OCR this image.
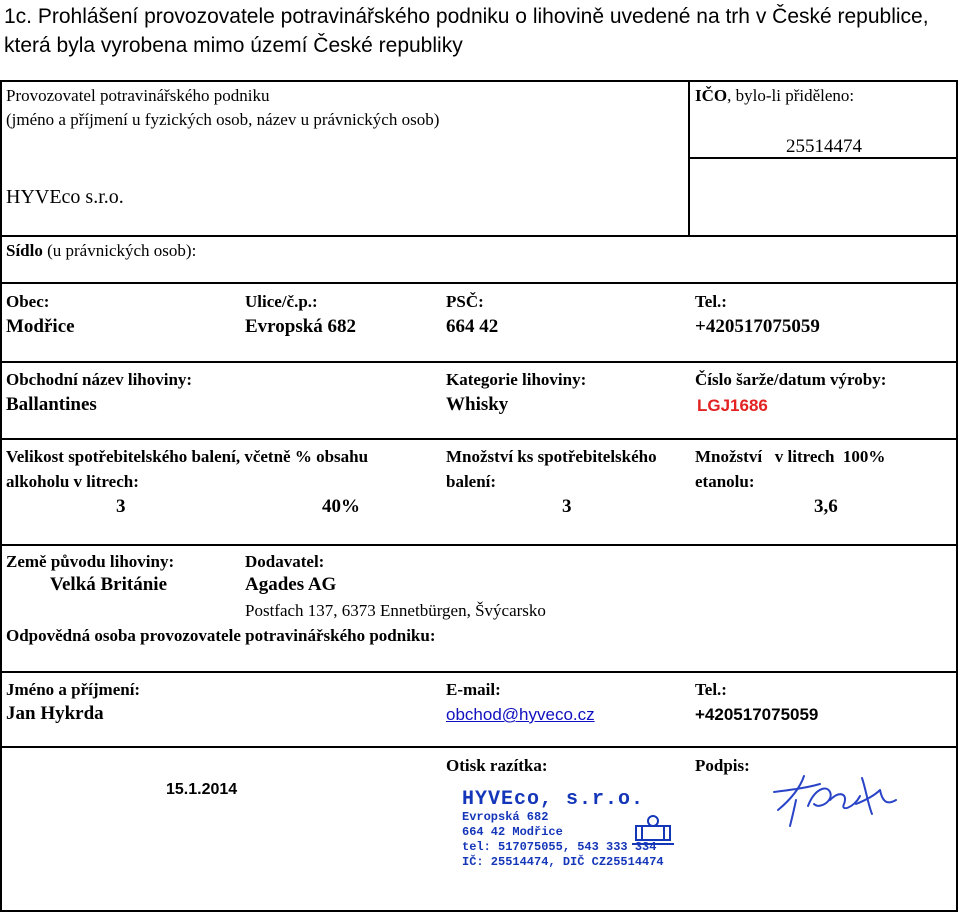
1c. Prohlášení provozovatele potravinářského podniku o lihovině uvedené na trh v České republice, která byla vyrobena mimo území České republiky
Provozovatel potravinářského podniku
(jméno a příjmení u fyzických osob, název u právnických osob)
HYVEco s.r.o.
IČO, bylo-li přiděleno:
25514474
Sídlo (u právnických osob):
Obec:
Modřice
Ulice/č.p.:
Evropská 682
PSČ:
664 42
Tel.:
+420517075059
Obchodní název lihoviny:
Ballantines
Kategorie lihoviny:
Whisky
Číslo šarže/datum výroby:
LGJ1686
Velikost spotřebitelského balení, včetně % obsahu
alkoholu v litrech:
3	40%
Množství ks spotřebitelského
balení:
3
Množství   v litrech  100%
etanolu:
3,6
Země původu lihoviny:
Velká Británie
Dodavatel:
Agades AG
Postfach 137, 6373 Ennetbürgen, Švýcarsko
Odpovědná osoba provozovatele potravinářského podniku:
Jméno a příjmení:
Jan Hykrda
E-mail:
obchod@hyveco.cz
Tel.:
+420517075059
15.1.2014
Otisk razítka:	Podpis:
HYVEco, s.r.o.
Evropská 682
664 42 Modřice
tel: 517075055, 543 333 334
IČ: 25514474, DIČ CZ25514474
